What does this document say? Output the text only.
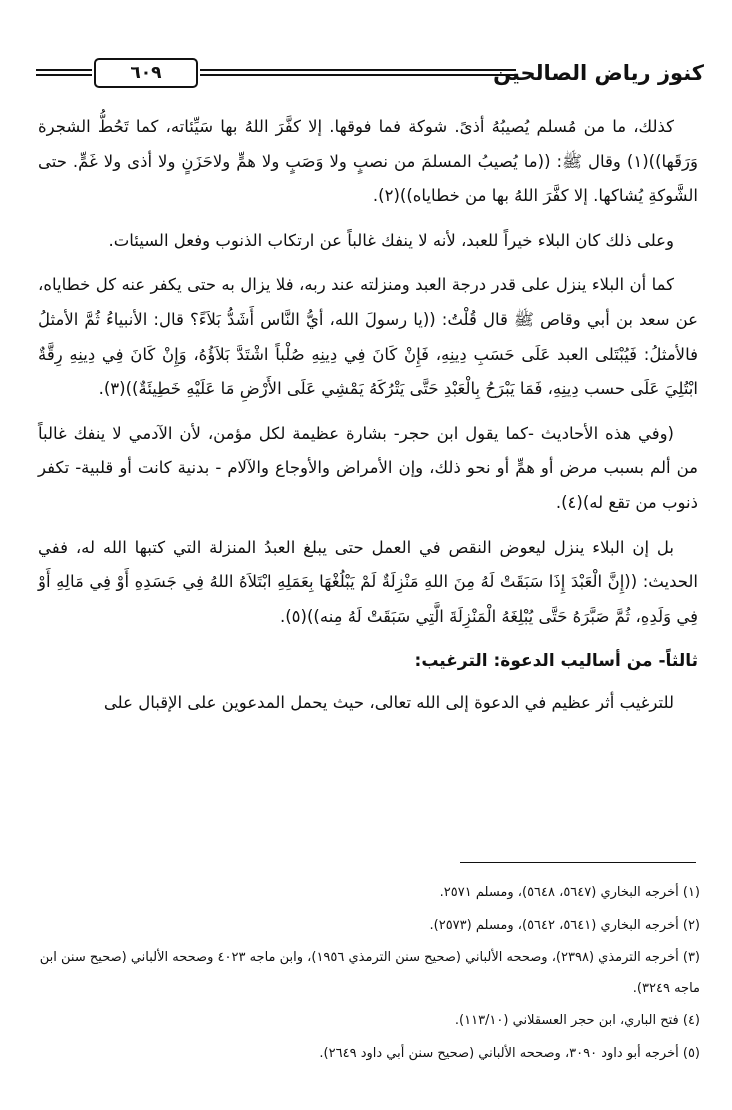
كنوز رياض الصالحين
٦٠٩

كذلك، ما من مُسلم يُصيبُهُ أذىً. شوكة فما فوقها. إلا كفَّرَ اللهُ بها سَيِّئاته، كما تَحُطُّ الشجرة وَرَقَها))(١) وقال ﷺ: ((ما يُصيبُ المسلمَ من نصبٍ ولا وَصَبٍ ولا همٍّ ولاحَزَنٍ ولا أذى ولا غَمٍّ. حتى الشَّوكةِ يُشاكها. إلا كفَّرَ اللهُ بها من خطاياه))(٢).

وعلى ذلك كان البلاء خيراً للعبد، لأنه لا ينفك غالباً عن ارتكاب الذنوب وفعل السيئات.

كما أن البلاء ينزل على قدر درجة العبد ومنزلته عند ربه، فلا يزال به حتى يكفر عنه كل خطاياه، عن سعد بن أبي وقاص ﷺ قال قُلْتُ: ((يا رسولَ الله، أيُّ النَّاس أَشَدُّ بَلاَءً؟ قال: الأنبياءُ ثُمَّ الأمثلُ فالأمثلُ: فَيُبْتَلى العبد عَلَى حَسَبِ دِينِهِ، فَإِنْ كَانَ فِي دِينِهِ صُلْباً اشْتَدَّ بَلاَؤُهُ، وَإِنْ كَانَ فِي دِينِهِ رِقَّةٌ ابْتُلِيَ عَلَى حسب دِينِهِ، فَمَا يَبْرَحُ بِالْعَبْدِ حَتَّى يَتْرُكَهُ يَمْشِي عَلَى الأَرْضِ مَا عَلَيْهِ خَطِيئَةٌ))(٣).

(وفي هذه الأحاديث -كما يقول ابن حجر- بشارة عظيمة لكل مؤمن، لأن الآدمي لا ينفك غالباً من ألم بسبب مرض أو همٍّ أو نحو ذلك، وإن الأمراض والأوجاع والآلام - بدنية كانت أو قلبية- تكفر ذنوب من تقع له)(٤).

بل إن البلاء ينزل ليعوض النقص في العمل حتى يبلغ العبدُ المنزلة التي كتبها الله له، ففي الحديث: ((إِنَّ الْعَبْدَ إِذَا سَبَقَتْ لَهُ مِنَ اللهِ مَنْزِلَةٌ لَمْ يَبْلُغْهَا بِعَمَلِهِ ابْتَلاَهُ اللهُ فِي جَسَدِهِ أَوْ فِي مَالِهِ أَوْ فِي وَلَدِهِ، ثُمَّ صَبَّرَهُ حَتَّى يُبْلِغَهُ الْمَنْزِلَةَ الَّتِي سَبَقَتْ لَهُ مِنه))(٥).

ثالثاً- من أساليب الدعوة: الترغيب:

للترغيب أثر عظيم في الدعوة إلى الله تعالى، حيث يحمل المدعوين على الإقبال على

(١) أخرجه البخاري (٥٦٤٧، ٥٦٤٨)، ومسلم ٢٥٧١.
(٢) أخرجه البخاري (٥٦٤١، ٥٦٤٢)، ومسلم (٢٥٧٣).
(٣) أخرجه الترمذي (٢٣٩٨)، وصححه الألباني (صحيح سنن الترمذي ١٩٥٦)، وابن ماجه ٤٠٢٣ وصححه الألباني (صحيح سنن ابن ماجه ٣٢٤٩).
(٤) فتح الباري، ابن حجر العسقلاني (١١٣/١٠).
(٥) أخرجه أبو داود ٣٠٩٠، وصححه الألباني (صحيح سنن أبي داود ٢٦٤٩).
